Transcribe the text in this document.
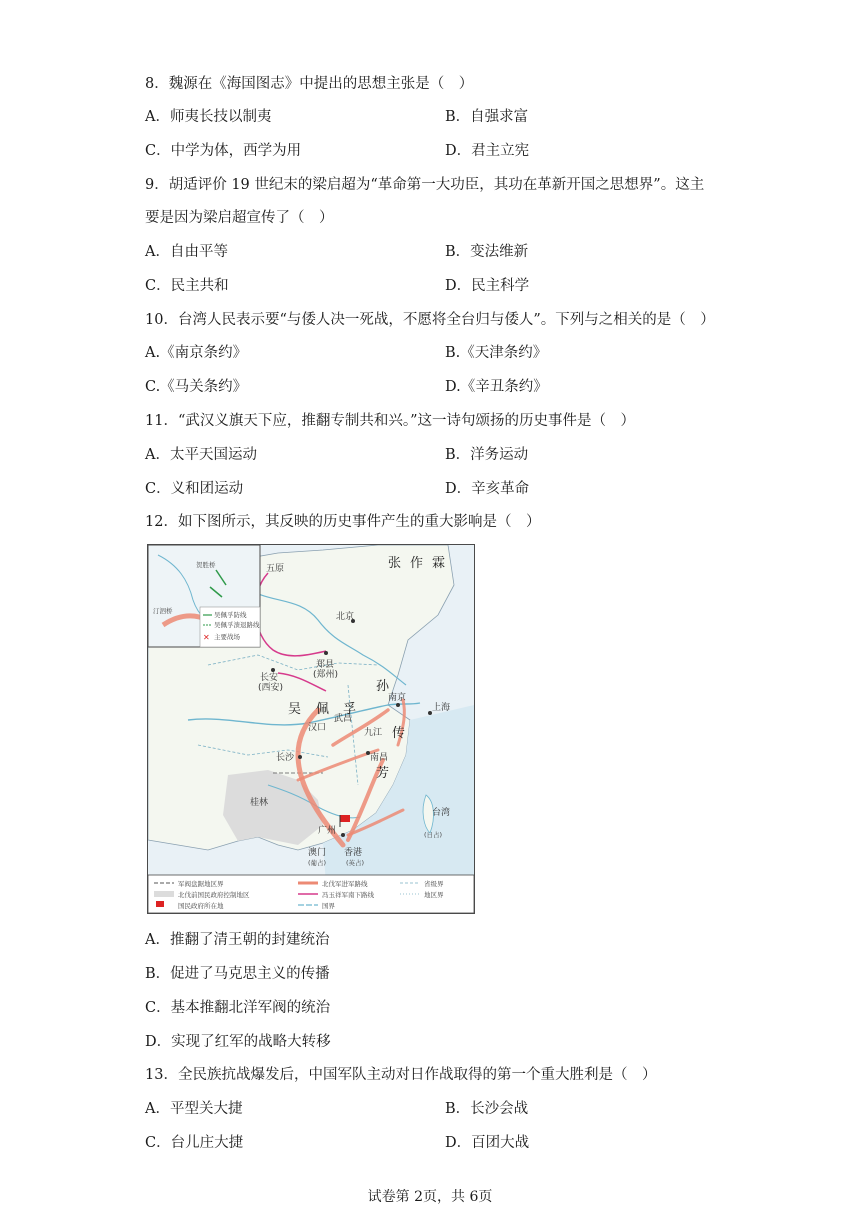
8．魏源在《海国图志》中提出的思想主张是（　）
A．师夷长技以制夷	B．自强求富
C．中学为体，西学为用	D．君主立宪
9．胡适评价 19 世纪末的梁启超为“革命第一大功臣，其功在革新开国之思想界”。这主
要是因为梁启超宣传了（　）
A．自由平等	B．变法维新
C．民主共和	D．民主科学
10．台湾人民表示要“与倭人决一死战，不愿将全台归与倭人”。下列与之相关的是（　）
A.《南京条约》	B.《天津条约》
C.《马关条约》	D.《辛丑条约》
11．“武汉义旗天下应，推翻专制共和兴。”这一诗句颂扬的历史事件是（　）
A．太平天国运动	B．洋务运动
C．义和团运动	D．辛亥革命
12．如下图所示，其反映的历史事件产生的重大影响是（　）
贺胜桥
汀泗桥	吴佩孚防线
吴佩孚溃退路线
✕ 主要战场
张 作 霖
吴 佩 孚
孙
传
芳
北京
五原
长安
(西安)
郑县
(郑州)
汉口
武昌
九江
南京
上海
长沙	南昌
桂林
广州
澳门
(葡占)
香港
(英占)
台湾
(日占)
军阀盘踞地区界
北伐前国民政府控制地区
国民政府所在地
北伐军进军路线
冯玉祥军南下路线
国界
省级界
地区界
A．推翻了清王朝的封建统治
B．促进了马克思主义的传播
C．基本推翻北洋军阀的统治
D．实现了红军的战略大转移
13．全民族抗战爆发后，中国军队主动对日作战取得的第一个重大胜利是（　）
A．平型关大捷	B．长沙会战
C．台儿庄大捷	D．百团大战
试卷第 2页，共 6页
